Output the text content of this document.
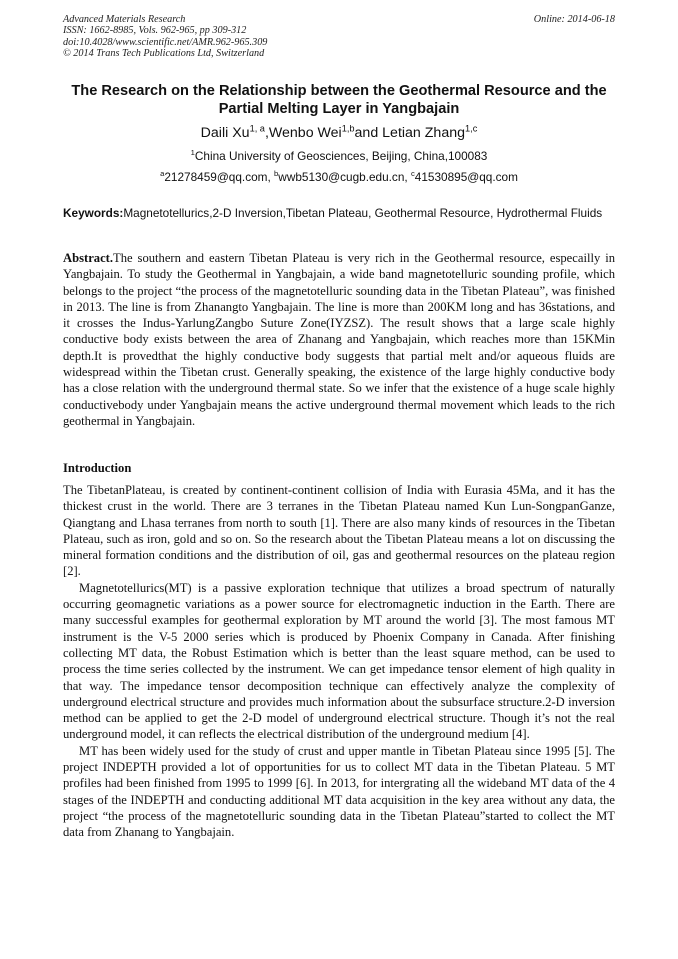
Advanced Materials Research
ISSN: 1662-8985, Vols. 962-965, pp 309-312
doi:10.4028/www.scientific.net/AMR.962-965.309
© 2014 Trans Tech Publications Ltd, Switzerland
Online: 2014-06-18
The Research on the Relationship between the Geothermal Resource and the Partial Melting Layer in Yangbajain
Daili Xu$^{1, a}$,Wenbo Wei$^{1,b}$and Letian Zhang$^{1,c}$
$^1$China University of Geosciences, Beijing, China,100083
$^a$21278459@qq.com, $^b$wwb5130@cugb.edu.cn, $^c$41530895@qq.com
Keywords:Magnetotellurics,2-D Inversion,Tibetan Plateau, Geothermal Resource, Hydrothermal Fluids
Abstract.The southern and eastern Tibetan Plateau is very rich in the Geothermal resource, especailly in Yangbajain. To study the Geothermal in Yangbajain, a wide band magnetotelluric sounding profile, which belongs to the project “the process of the magnetotelluric sounding data in the Tibetan Plateau”, was finished in 2013. The line is from Zhanangto Yangbajain. The line is more than 200KM long and has 36stations, and it crosses the Indus-YarlungZangbo Suture Zone(IYZSZ). The result shows that a large scale highly conductive body exists between the area of Zhanang and Yangbajain, which reaches more than 15KMin depth.It is provedthat the highly conductive body suggests that partial melt and/or aqueous fluids are widespread within the Tibetan crust. Generally speaking, the existence of the large highly conductive body has a close relation with the underground thermal state. So we infer that the existence of a huge scale highly conductivebody under Yangbajain means the active underground thermal movement which leads to the rich geothermal in Yangbajain.
Introduction

The TibetanPlateau, is created by continent-continent collision of India with Eurasia 45Ma, and it has the thickest crust in the world. There are 3 terranes in the Tibetan Plateau named Kun Lun-SongpanGanze, Qiangtang and Lhasa terranes from north to south [1]. There are also many kinds of resources in the Tibetan Plateau, such as iron, gold and so on. So the research about the Tibetan Plateau means a lot on discussing the mineral formation conditions and the distribution of oil, gas and geothermal resources on the plateau region [2].

Magnetotellurics(MT) is a passive exploration technique that utilizes a broad spectrum of naturally occurring geomagnetic variations as a power source for electromagnetic induction in the Earth. There are many successful examples for geothermal exploration by MT around the world [3]. The most famous MT instrument is the V-5 2000 series which is produced by Phoenix Company in Canada. After finishing collecting MT data, the Robust Estimation which is better than the least square method, can be used to process the time series collected by the instrument. We can get impedance tensor element of high quality in that way. The impedance tensor decomposition technique can effectively analyze the complexity of underground electrical structure and provides much information about the subsurface structure.2-D inversion method can be applied to get the 2-D model of underground electrical structure. Though it’s not the real underground model, it can reflects the electrical distribution of the underground medium [4].

MT has been widely used for the study of crust and upper mantle in Tibetan Plateau since 1995 [5]. The project INDEPTH provided a lot of opportunities for us to collect MT data in the Tibetan Plateau. 5 MT profiles had been finished from 1995 to 1999 [6]. In 2013, for intergrating all the wideband MT data of the 4 stages of the INDEPTH and conducting additional MT data acquisition in the key area without any data, the project “the process of the magnetotelluric sounding data in the Tibetan Plateau”started to collect the MT data from Zhanang to Yangbajain.
